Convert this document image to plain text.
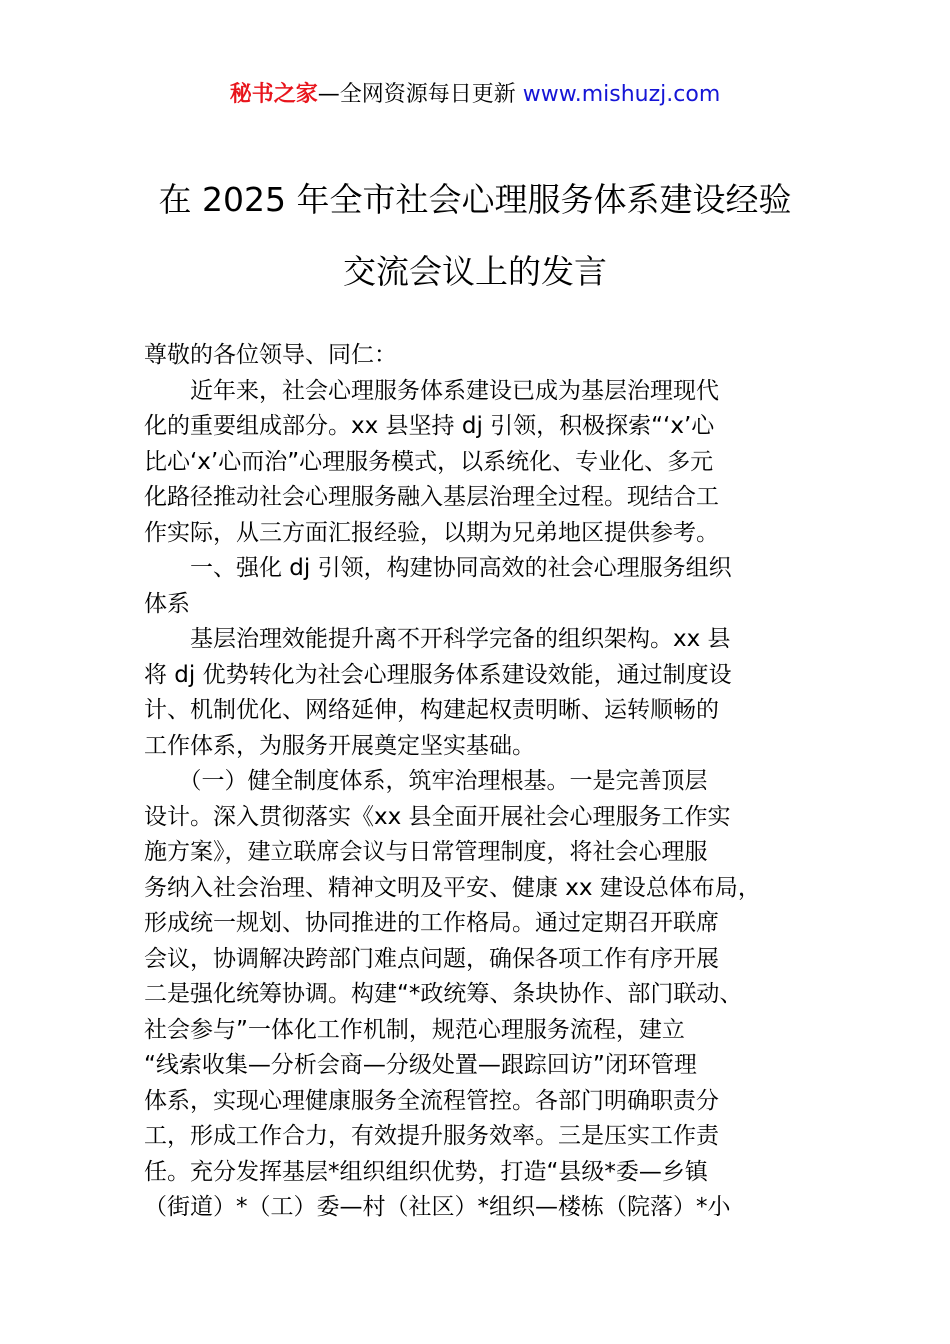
秘书之家—全网资源每日更新 www.mishuzj.com
在 2025 年全市社会心理服务体系建设经验
交流会议上的发言
尊敬的各位领导、同仁：
　　近年来，社会心理服务体系建设已成为基层治理现代
化的重要组成部分。xx 县坚持 dj 引领，积极探索“‘x’心
比心‘x’心而治”心理服务模式，以系统化、专业化、多元
化路径推动社会心理服务融入基层治理全过程。现结合工
作实际，从三方面汇报经验，以期为兄弟地区提供参考。
　　一、强化 dj 引领，构建协同高效的社会心理服务组织
体系
　　基层治理效能提升离不开科学完备的组织架构。xx 县
将 dj 优势转化为社会心理服务体系建设效能，通过制度设
计、机制优化、网络延伸，构建起权责明晰、运转顺畅的
工作体系，为服务开展奠定坚实基础。
　　（一）健全制度体系，筑牢治理根基。一是完善顶层
设计。深入贯彻落实《xx 县全面开展社会心理服务工作实
施方案》，建立联席会议与日常管理制度，将社会心理服
务纳入社会治理、精神文明及平安、健康 xx 建设总体布局，
形成统一规划、协同推进的工作格局。通过定期召开联席
会议，协调解决跨部门难点问题，确保各项工作有序开展
二是强化统筹协调。构建“*政统筹、条块协作、部门联动、
社会参与”一体化工作机制，规范心理服务流程，建立
“线索收集—分析会商—分级处置—跟踪回访”闭环管理
体系，实现心理健康服务全流程管控。各部门明确职责分
工，形成工作合力，有效提升服务效率。三是压实工作责
任。充分发挥基层*组织组织优势，打造“县级*委—乡镇
（街道）*（工）委—村（社区）*组织—楼栋（院落）*小
